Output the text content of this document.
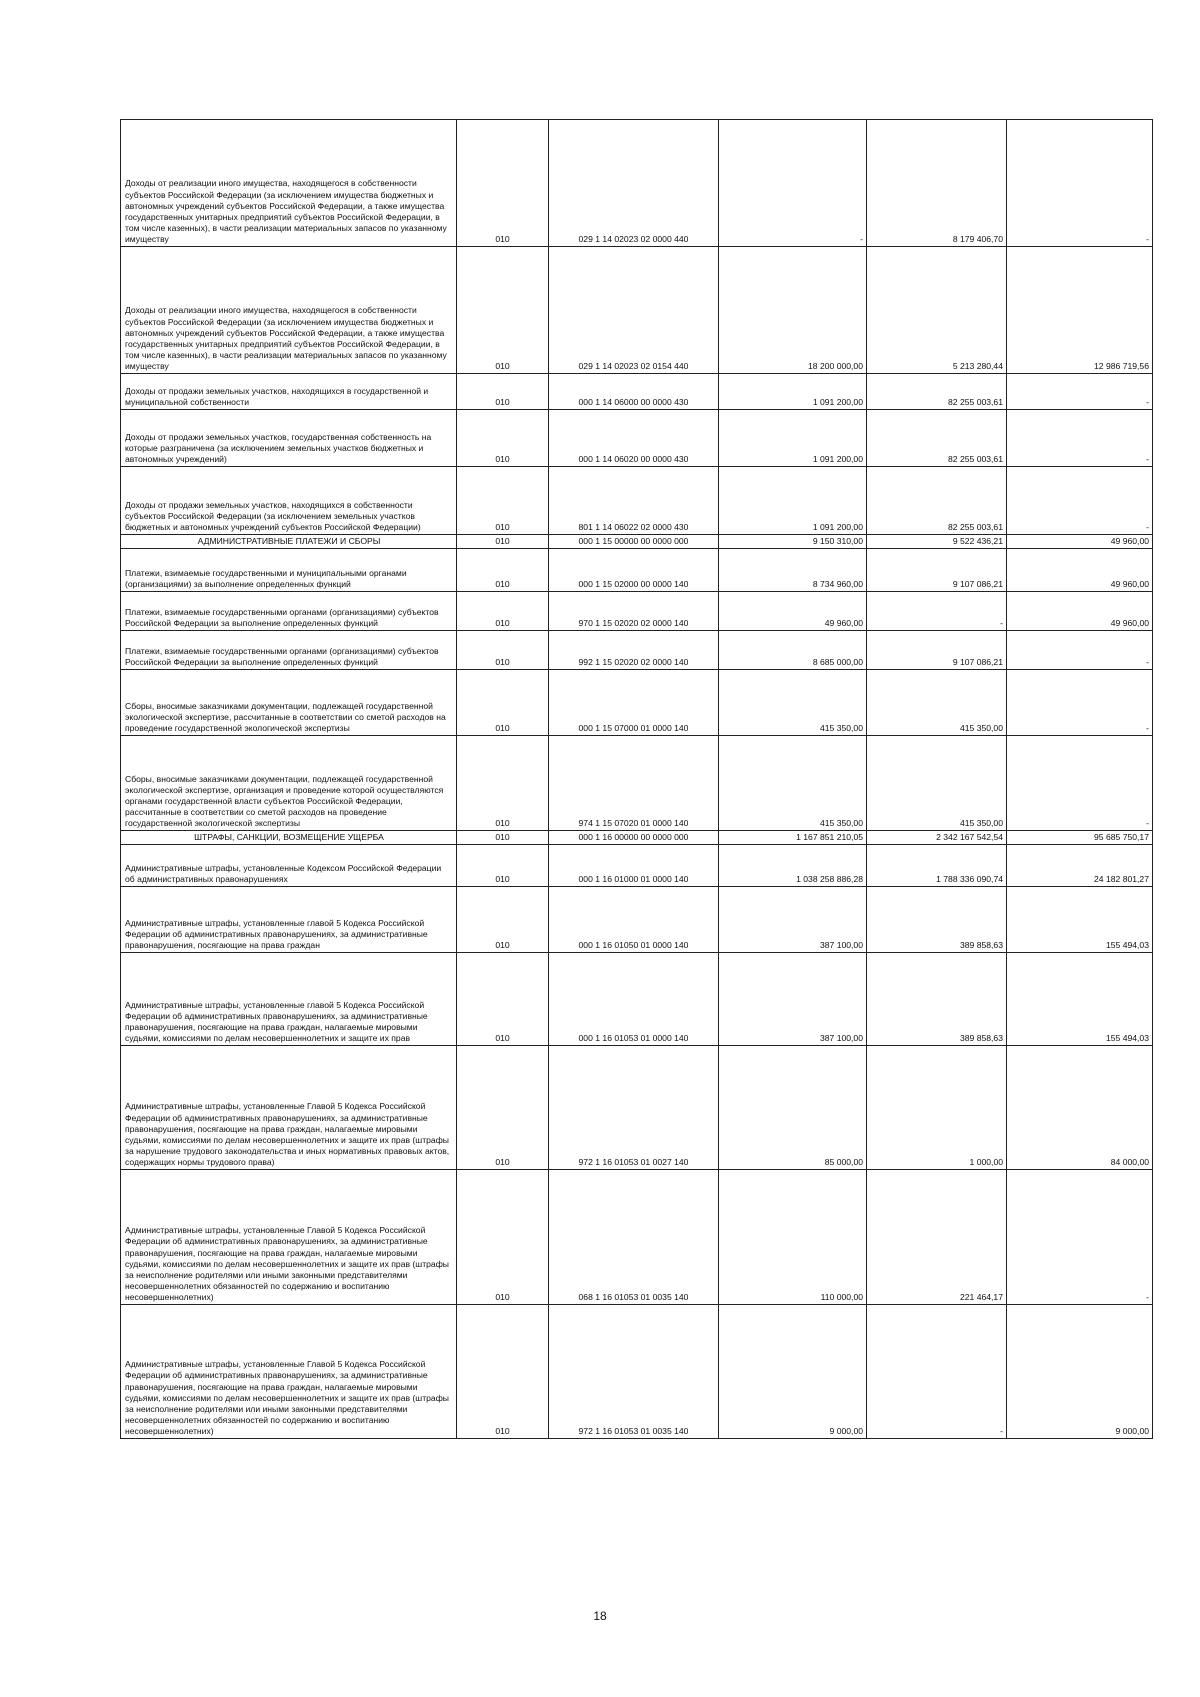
Доходы от реализации иного имущества, находящегося в собственности субъектов Российской Федерации (за исключением имущества бюджетных и автономных учреждений субъектов Российской Федерации, а также имущества государственных унитарных предприятий субъектов Российской Федерации, в том числе казенных), в части реализации материальных запасов по указанному имуществу	010	029 1 14 02023 02 0000 440	-	8 179 406,70	-
Доходы от реализации иного имущества, находящегося в собственности субъектов Российской Федерации (за исключением имущества бюджетных и автономных учреждений субъектов Российской Федерации, а также имущества государственных унитарных предприятий субъектов Российской Федерации, в том числе казенных), в части реализации материальных запасов по указанному имуществу	010	029 1 14 02023 02 0154 440	18 200 000,00	5 213 280,44	12 986 719,56
Доходы от продажи земельных участков, находящихся в государственной и муниципальной собственности	010	000 1 14 06000 00 0000 430	1 091 200,00	82 255 003,61	-
Доходы от продажи земельных участков, государственная собственность на которые разграничена (за исключением земельных участков бюджетных и автономных учреждений)	010	000 1 14 06020 00 0000 430	1 091 200,00	82 255 003,61	-
Доходы от продажи земельных участков, находящихся в собственности субъектов Российской Федерации (за исключением земельных участков бюджетных и автономных учреждений субъектов Российской Федерации)	010	801 1 14 06022 02 0000 430	1 091 200,00	82 255 003,61	-
АДМИНИСТРАТИВНЫЕ ПЛАТЕЖИ И СБОРЫ	010	000 1 15 00000 00 0000 000	9 150 310,00	9 522 436,21	49 960,00
Платежи, взимаемые государственными и муниципальными органами (организациями) за выполнение определенных функций	010	000 1 15 02000 00 0000 140	8 734 960,00	9 107 086,21	49 960,00
Платежи, взимаемые государственными органами (организациями) субъектов Российской Федерации за выполнение определенных функций	010	970 1 15 02020 02 0000 140	49 960,00	-	49 960,00
Платежи, взимаемые государственными органами (организациями) субъектов Российской Федерации за выполнение определенных функций	010	992 1 15 02020 02 0000 140	8 685 000,00	9 107 086,21	-
Сборы, вносимые заказчиками документации, подлежащей государственной экологической экспертизе, рассчитанные в соответствии со сметой расходов на проведение государственной экологической экспертизы	010	000 1 15 07000 01 0000 140	415 350,00	415 350,00	-
Сборы, вносимые заказчиками документации, подлежащей государственной экологической экспертизе, организация и проведение которой осуществляются органами государственной власти субъектов Российской Федерации, рассчитанные в соответствии со сметой расходов на проведение государственной экологической экспертизы	010	974 1 15 07020 01 0000 140	415 350,00	415 350,00	-
ШТРАФЫ, САНКЦИИ, ВОЗМЕЩЕНИЕ УЩЕРБА	010	000 1 16 00000 00 0000 000	1 167 851 210,05	2 342 167 542,54	95 685 750,17
Административные штрафы, установленные Кодексом Российской Федерации об административных правонарушениях	010	000 1 16 01000 01 0000 140	1 038 258 886,28	1 788 336 090,74	24 182 801,27
Административные штрафы, установленные главой 5 Кодекса Российской Федерации об административных правонарушениях, за административные правонарушения, посягающие на права граждан	010	000 1 16 01050 01 0000 140	387 100,00	389 858,63	155 494,03
Административные штрафы, установленные главой 5 Кодекса Российской Федерации об административных правонарушениях, за административные правонарушения, посягающие на права граждан, налагаемые мировыми судьями, комиссиями по делам несовершеннолетних и защите их прав	010	000 1 16 01053 01 0000 140	387 100,00	389 858,63	155 494,03
Административные штрафы, установленные Главой 5 Кодекса Российской Федерации об административных правонарушениях, за административные правонарушения, посягающие на права граждан, налагаемые мировыми судьями, комиссиями по делам несовершеннолетних и защите их прав (штрафы за нарушение трудового законодательства и иных нормативных правовых актов, содержащих нормы трудового права)	010	972 1 16 01053 01 0027 140	85 000,00	1 000,00	84 000,00
Административные штрафы, установленные Главой 5 Кодекса Российской Федерации об административных правонарушениях, за административные правонарушения, посягающие на права граждан, налагаемые мировыми судьями, комиссиями по делам несовершеннолетних и защите их прав (штрафы за неисполнение родителями или иными законными представителями несовершеннолетних обязанностей по содержанию и воспитанию несовершеннолетних)	010	068 1 16 01053 01 0035 140	110 000,00	221 464,17	-
Административные штрафы, установленные Главой 5 Кодекса Российской Федерации об административных правонарушениях, за административные правонарушения, посягающие на права граждан, налагаемые мировыми судьями, комиссиями по делам несовершеннолетних и защите их прав (штрафы за неисполнение родителями или иными законными представителями несовершеннолетних обязанностей по содержанию и воспитанию несовершеннолетних)	010	972 1 16 01053 01 0035 140	9 000,00	-	9 000,00
18
